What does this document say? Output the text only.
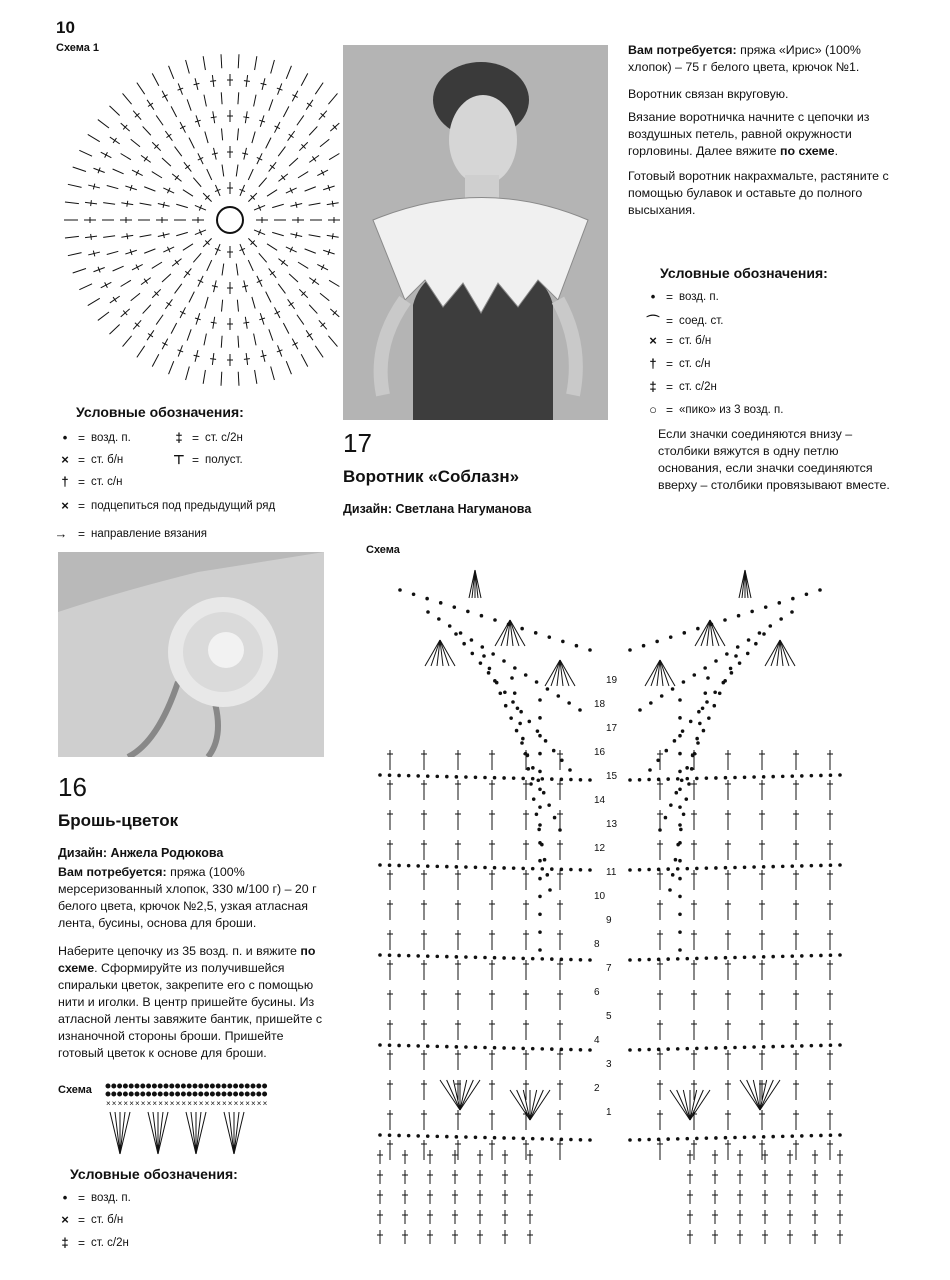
10
Схема 1
Условные обозначения:
• = возд. п.	‡ = ст. с/2н
× = ст. б/н	⊤ = полуст.
† = ст. с/н
× = подцепиться под предыдущий ряд
→ = направление вязания
16
Брошь-цветок
Дизайн: Анжела Родюкова
Вам потребуется: пряжа (100% мерсеризованный хлопок, 330 м/100 г) – 20 г белого цвета, крючок №2,5, узкая атласная лента, бусины, основа для броши.
Наберите цепочку из 35 возд. п. и вяжите по схеме. Сформируйте из получившейся спиральки цветок, закрепите его с помощью нити и иголки. В центр пришейте бусины. Из атласной ленты завяжите бантик, пришейте с изнаночной стороны броши. Пришейте готовый цветок к основе для броши.
Схема
× × × × × × × × × × × × × × × × × × × × × × × × × × × ×
Условные обозначения:
• = возд. п.
× = ст. б/н
‡ = ст. с/2н
17
Воротник «Соблазн»
Дизайн: Светлана Нагуманова
Вам потребуется: пряжа «Ирис» (100% хлопок) – 75 г белого цвета, крючок №1.
Воротник связан вкруговую.
Вязание воротничка начните с цепочки из воздушных петель, равной окружности горловины. Далее вяжите по схеме.
Готовый воротник накрахмальте, растяните с помощью булавок и оставьте до полного высыхания.
Условные обозначения:
• = возд. п.
⌒ = соед. ст.
× = ст. б/н
† = ст. с/н
‡ = ст. с/2н
○ = «пико» из 3 возд. п.
Если значки соединяются внизу – столбики вяжутся в одну петлю основания, если значки соединяются вверху – столбики провязывают вместе.
Схема
1
2
3
4
5
6
7
8
9
10
11
12
13
14
15
16
17
18
19
